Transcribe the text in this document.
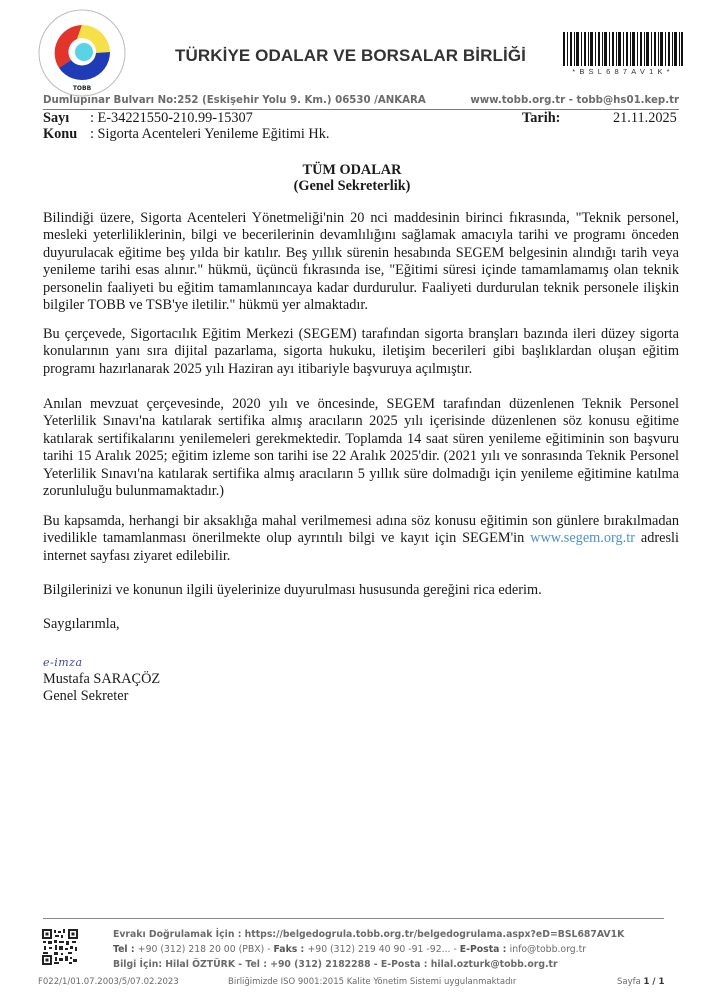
TOBB
TÜRKİYE ODALAR VE BORSALAR BİRLİĞİ
*BSL687AV1K*
Dumlupınar Bulvarı No:252 (Eskişehir Yolu 9. Km.) 06530 /ANKARA	www.tobb.org.tr - tobb@hs01.kep.tr
Sayı : E-34221550-210.99-15307
Konu : Sigorta Acenteleri Yenileme Eğitimi Hk.
Tarih:	21.11.2025
TÜM ODALAR
(Genel Sekreterlik)
Bilindiği üzere, Sigorta Acenteleri Yönetmeliği'nin 20 nci maddesinin birinci fıkrasında, "Teknik personel, mesleki yeterliliklerinin, bilgi ve becerilerinin devamlılığını sağlamak amacıyla tarihi ve programı önceden duyurulacak eğitime beş yılda bir katılır. Beş yıllık sürenin hesabında SEGEM belgesinin alındığı tarih veya yenileme tarihi esas alınır." hükmü, üçüncü fıkrasında ise, "Eğitimi süresi içinde tamamlamamış olan teknik personelin faaliyeti bu eğitim tamamlanıncaya kadar durdurulur. Faaliyeti durdurulan teknik personele ilişkin bilgiler TOBB ve TSB'ye iletilir." hükmü yer almaktadır.
Bu çerçevede, Sigortacılık Eğitim Merkezi (SEGEM) tarafından sigorta branşları bazında ileri düzey sigorta konularının yanı sıra dijital pazarlama, sigorta hukuku, iletişim becerileri gibi başlıklardan oluşan eğitim programı hazırlanarak 2025 yılı Haziran ayı itibariyle başvuruya açılmıştır.
Anılan mevzuat çerçevesinde, 2020 yılı ve öncesinde, SEGEM tarafından düzenlenen Teknik Personel Yeterlilik Sınavı'na katılarak sertifika almış aracıların 2025 yılı içerisinde düzenlenen söz konusu eğitime katılarak sertifikalarını yenilemeleri gerekmektedir. Toplamda 14 saat süren yenileme eğitiminin son başvuru tarihi 15 Aralık 2025; eğitim izleme son tarihi ise 22 Aralık 2025'dir. (2021 yılı ve sonrasında Teknik Personel Yeterlilik Sınavı'na katılarak sertifika almış aracıların 5 yıllık süre dolmadığı için yenileme eğitimine katılma zorunluluğu bulunmamaktadır.)
Bu kapsamda, herhangi bir aksaklığa mahal verilmemesi adına söz konusu eğitimin son günlere bırakılmadan ivedilikle tamamlanması önerilmekte olup ayrıntılı bilgi ve kayıt için SEGEM'in www.segem.org.tr adresli internet sayfası ziyaret edilebilir.
Bilgilerinizi ve konunun ilgili üyelerinize duyurulması hususunda gereğini rica ederim.
Saygılarımla,
e-imza
Mustafa SARAÇÖZ
Genel Sekreter
Evrakı Doğrulamak İçin : https://belgedogrula.tobb.org.tr/belgedogrulama.aspx?eD=BSL687AV1K
Tel : +90 (312) 218 20 00 (PBX) - Faks : +90 (312) 219 40 90 -91 -92... - E-Posta : info@tobb.org.tr
Bilgi İçin: Hilal ÖZTÜRK - Tel : +90 (312) 2182288 - E-Posta : hilal.ozturk@tobb.org.tr
F022/1/01.07.2003/5/07.02.2023	Birliğimizde ISO 9001:2015 Kalite Yönetim Sistemi uygulanmaktadır	Sayfa 1 / 1
